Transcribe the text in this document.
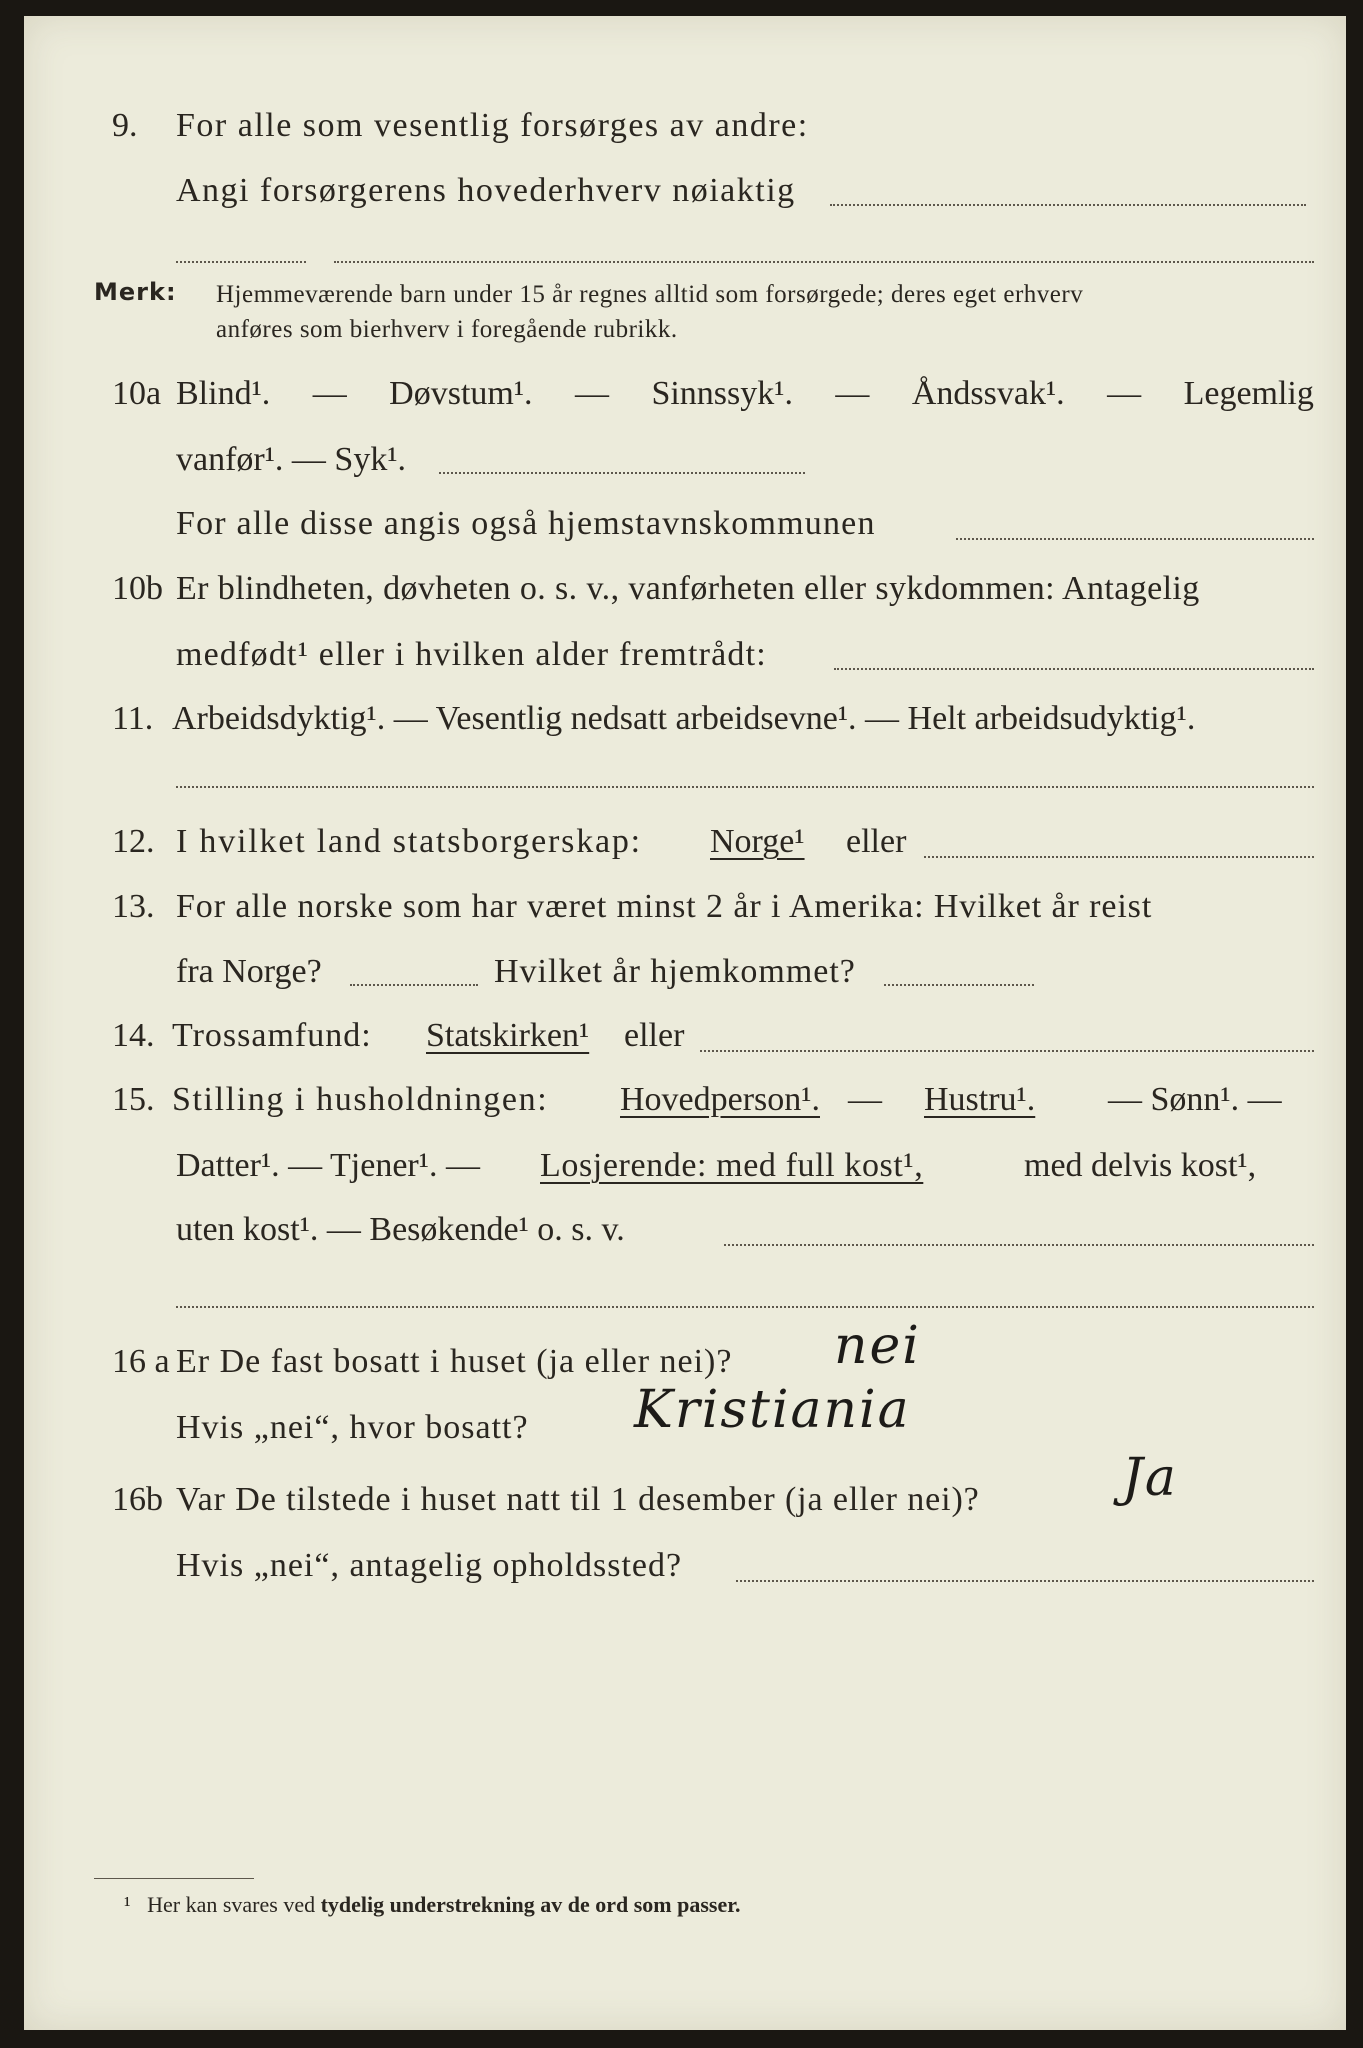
9. For alle som vesentlig forsørges av andre:
Angi forsørgerens hovederhverv nøiaktig
Merk: Hjemmeværende barn under 15 år regnes alltid som forsørgede; deres eget erhverv
anføres som bierhverv i foregående rubrikk.
10a Blind¹. — Døvstum¹. — Sinnssyk¹. — Åndssvak¹. — Legemlig
vanfør¹. — Syk¹.
For alle disse angis også hjemstavnskommunen
10b Er blindheten, døvheten o. s. v., vanførheten eller sykdommen: Antagelig
medfødt¹ eller i hvilken alder fremtrådt:
11. Arbeidsdyktig¹. — Vesentlig nedsatt arbeidsevne¹. — Helt arbeidsudyktig¹.
12. I hvilket land statsborgerskap: Norge¹ eller
13. For alle norske som har været minst 2 år i Amerika: Hvilket år reist
fra Norge?	Hvilket år hjemkommet?
14. Trossamfund: Statskirken¹ eller
15. Stilling i husholdningen: Hovedperson¹. — Hustru¹. — Sønn¹. —
Datter¹. — Tjener¹. — Losjerende: med full kost¹,	med delvis kost¹,
uten kost¹. — Besøkende¹ o. s. v.
16 a Er De fast bosatt i huset (ja eller nei)? nei
Hvis „nei“, hvor bosatt? Kristiania
16b Var De tilstede i huset natt til 1 desember (ja eller nei)?	Ja
Hvis „nei“, antagelig opholdssted?
¹ Her kan svares ved tydelig understrekning av de ord som passer.
